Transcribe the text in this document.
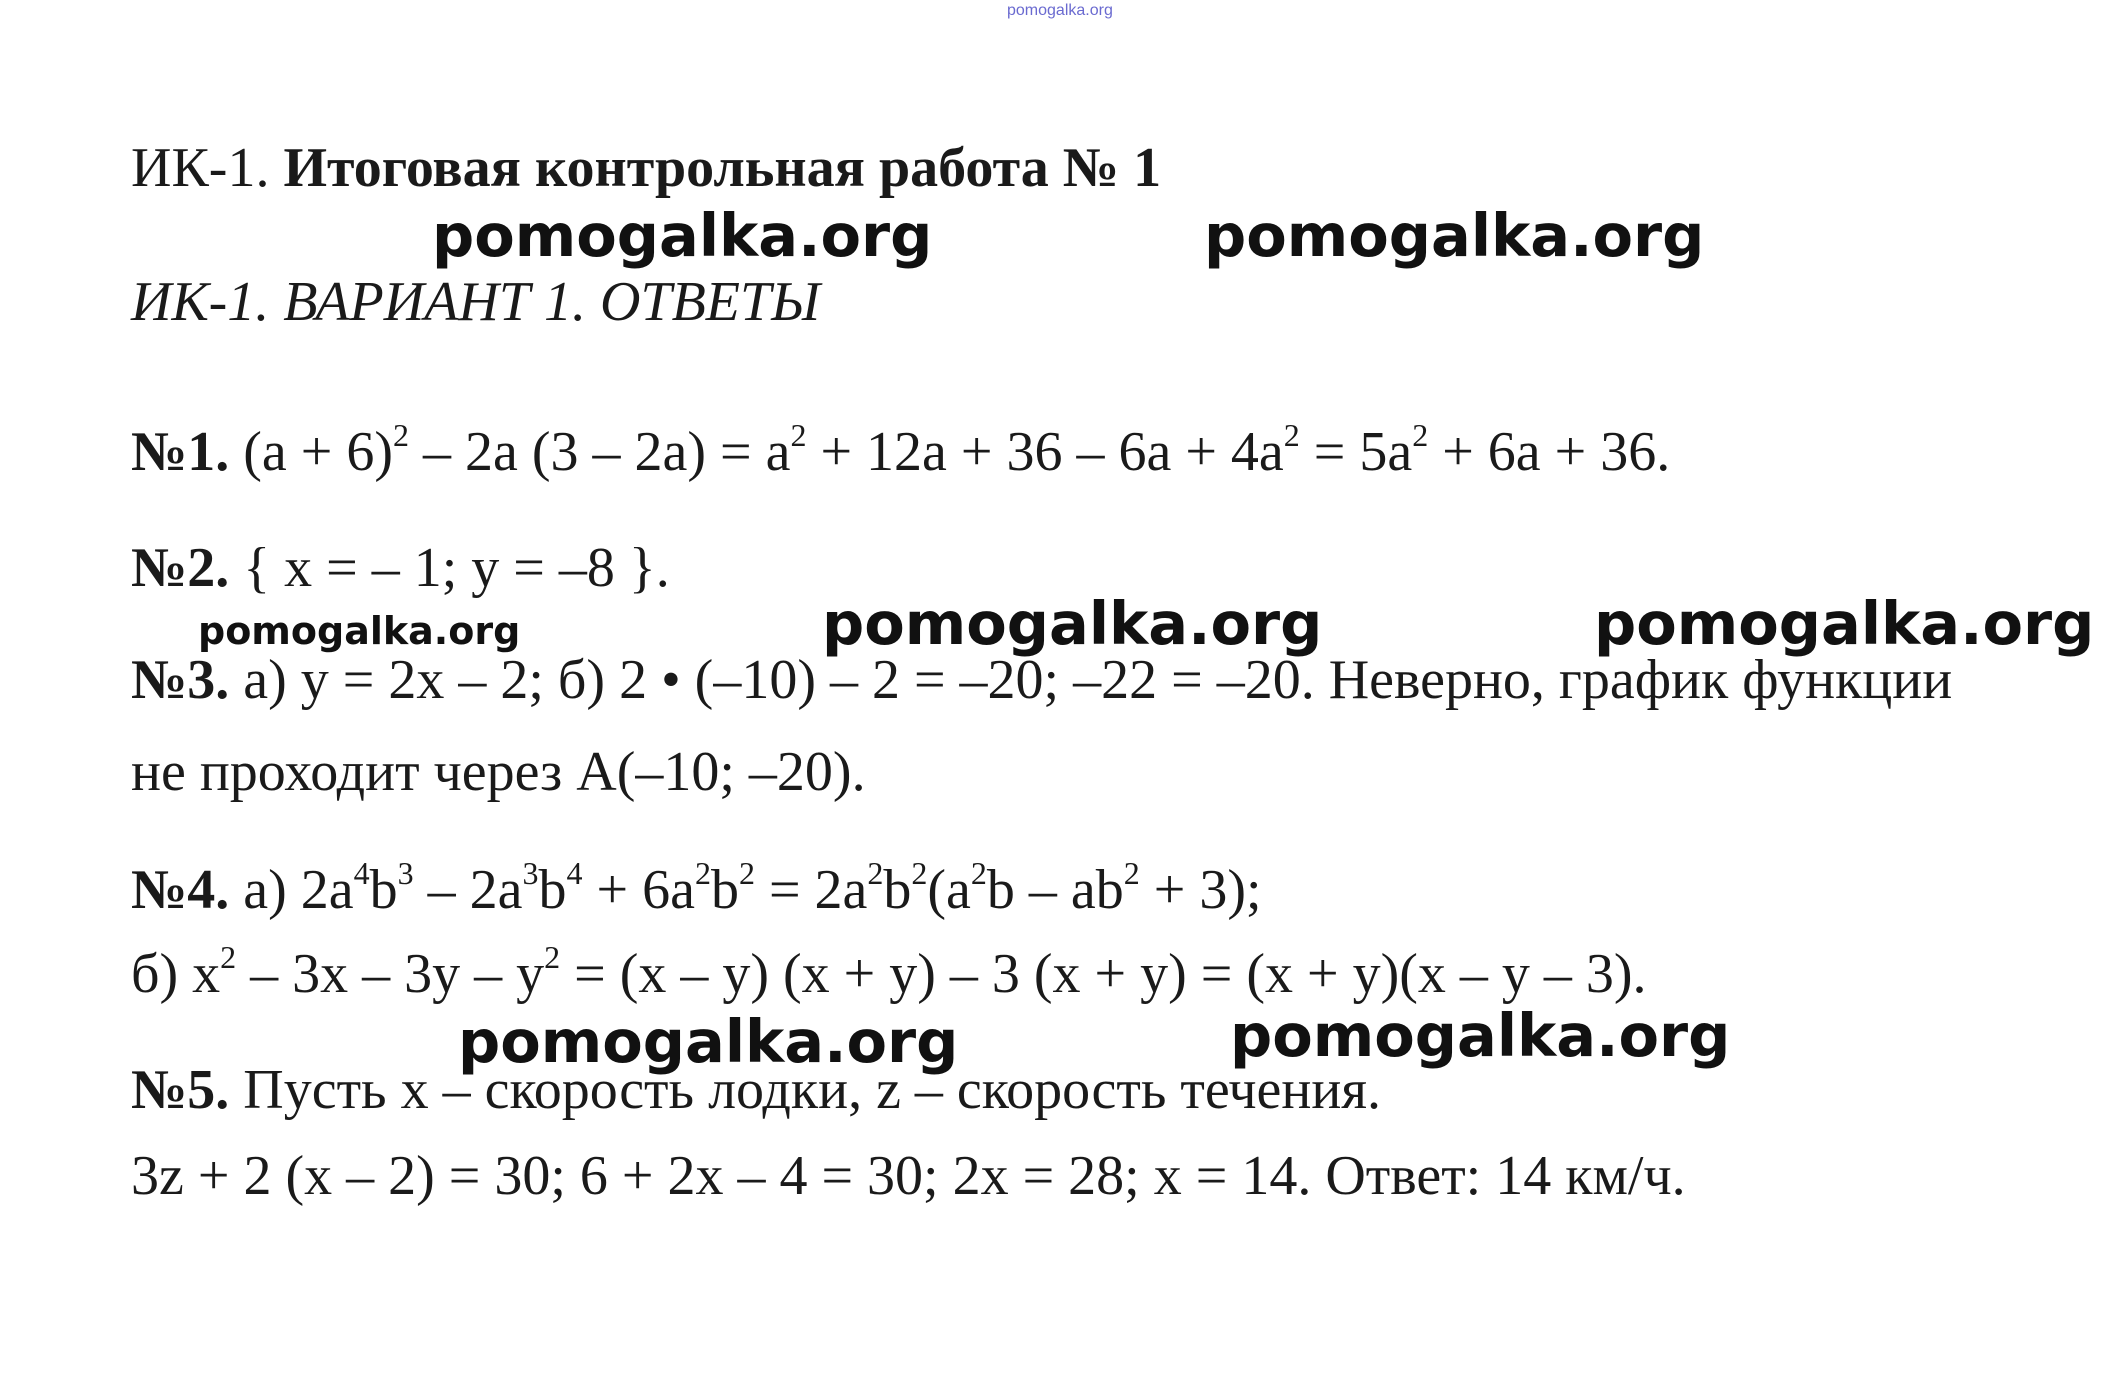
pomogalka.org
ИК-1. Итоговая контрольная работа № 1
ИК-1. ВАРИАНТ 1. ОТВЕТЫ
№1. $(a + 6)^2 - 2a$ $(3 - 2a) = a^2 + 12a + 36 - 6a + 4a^2 = 5a^2 + 6a + 36$.
№2. { x = – 1; y = –8 }.
№3. а) y = 2x – 2; б) 2 • (–10) – 2 = –20; –22 = –20. Неверно, график функции
не проходит через A(–10; –20).
№4. а) $2a^4b^3 - 2a^3b^4 + 6a^2b^2 = 2a^2b^2(a^2b - ab^2 + 3)$;
б) $x^2 - 3x - 3y - y^2 = (x - y) (x + y) - 3$ (x + y) = (x + y)(x – y – 3).
№5. Пусть x – скорость лодки, z – скорость течения.
3z + 2 (x – 2) = 30; 6 + 2x – 4 = 30; 2x = 28; x = 14. Ответ: 14 км/ч.
pomogalka.org	pomogalka.org
pomogalka.org	pomogalka.org	pomogalka.org
pomogalka.org	pomogalka.org
